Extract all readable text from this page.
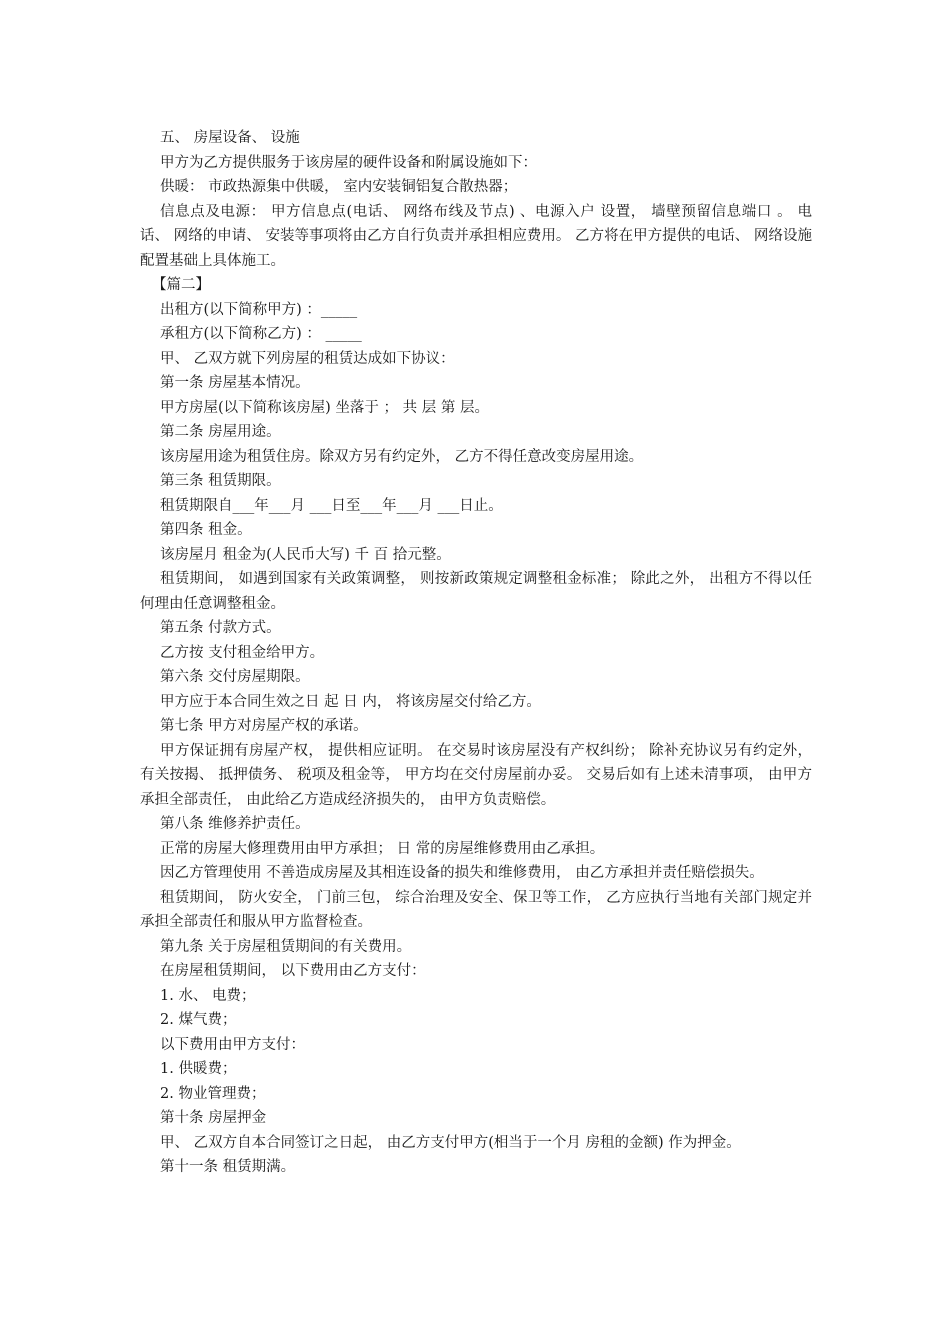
五、 房屋设备、 设施

甲方为乙方提供服务于该房屋的硬件设备和附属设施如下：

供暖： 市政热源集中供暖， 室内安装铜铝复合散热器；

信息点及电源： 甲方信息点(电话、 网络布线及节点) 、电源入户 设置， 墙壁预留信息端口 。 电话、 网络的申请、 安装等事项将由乙方自行负责并承担相应费用。 乙方将在甲方提供的电话、 网络设施配置基础上具体施工。

【篇二】

出租方(以下简称甲方) ：_____

承租方(以下简称乙方) ： _____

甲、 乙双方就下列房屋的租赁达成如下协议：

第一条 房屋基本情况。

甲方房屋(以下简称该房屋) 坐落于 ； 共 层 第 层。

第二条 房屋用途。

该房屋用途为租赁住房。除双方另有约定外， 乙方不得任意改变房屋用途。

第三条 租赁期限。

租赁期限自___年___月 ___日至___年___月 ___日止。

第四条 租金。

该房屋月 租金为(人民币大写) 千 百 拾元整。

租赁期间， 如遇到国家有关政策调整， 则按新政策规定调整租金标准； 除此之外， 出租方不得以任何理由任意调整租金。

第五条 付款方式。

乙方按 支付租金给甲方。

第六条 交付房屋期限。

甲方应于本合同生效之日 起 日 内， 将该房屋交付给乙方。

第七条 甲方对房屋产权的承诺。

甲方保证拥有房屋产权， 提供相应证明。 在交易时该房屋没有产权纠纷； 除补充协议另有约定外， 有关按揭、 抵押债务、 税项及租金等， 甲方均在交付房屋前办妥。 交易后如有上述未清事项， 由甲方承担全部责任， 由此给乙方造成经济损失的， 由甲方负责赔偿。

第八条 维修养护责任。

正常的房屋大修理费用由甲方承担； 日 常的房屋维修费用由乙承担。

因乙方管理使用 不善造成房屋及其相连设备的损失和维修费用， 由乙方承担并责任赔偿损失。

租赁期间， 防火安全， 门前三包， 综合治理及安全、保卫等工作， 乙方应执行当地有关部门规定并承担全部责任和服从甲方监督检查。

第九条 关于房屋租赁期间的有关费用。

在房屋租赁期间， 以下费用由乙方支付：

1. 水、 电费；

2. 煤气费；

以下费用由甲方支付：

1. 供暖费；

2. 物业管理费；

第十条 房屋押金

甲、 乙双方自本合同签订之日起， 由乙方支付甲方(相当于一个月 房租的金额) 作为押金。

第十一条 租赁期满。
